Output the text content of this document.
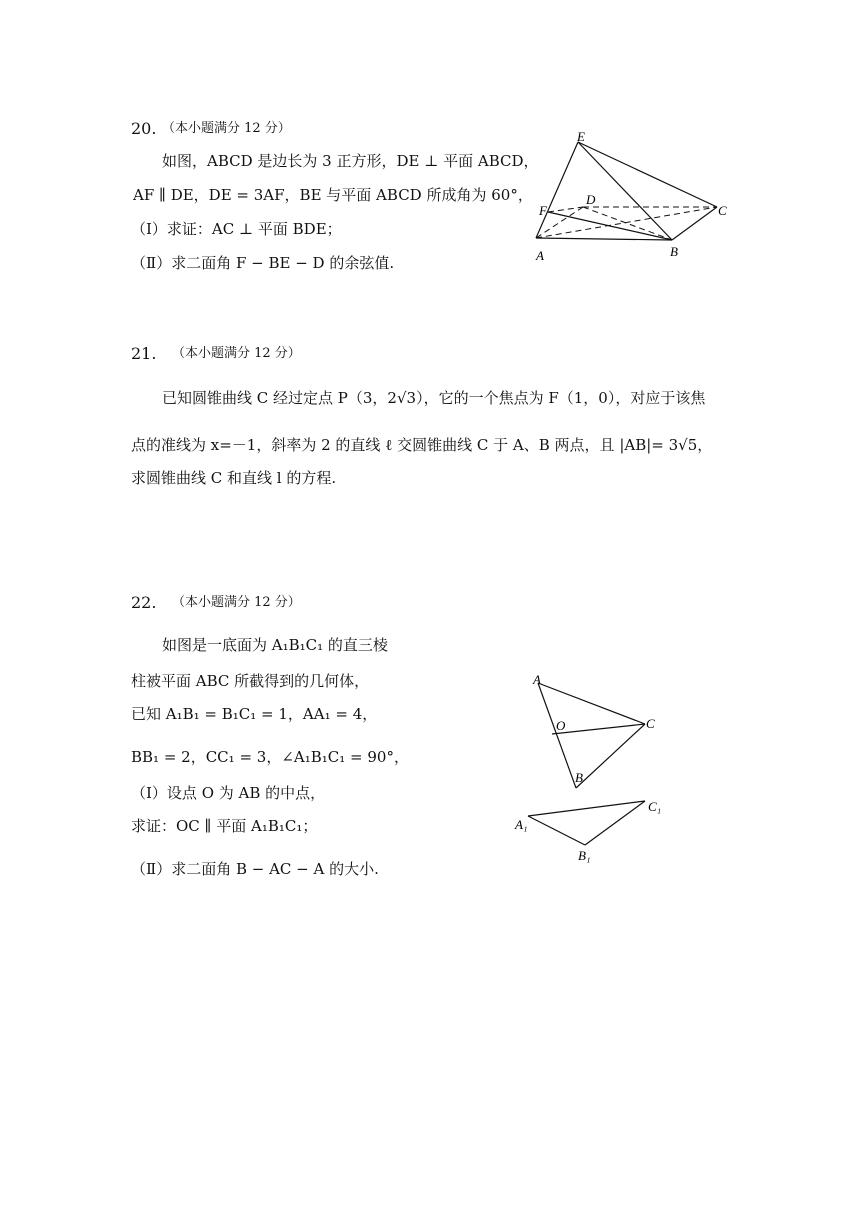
20. （本小题满分 12 分）
如图，ABCD 是边长为 3 正方形，DE ⊥ 平面 ABCD，
AF ∥ DE，DE = 3AF，BE 与平面 ABCD 所成角为 60°，
（Ⅰ）求证：AC ⊥ 平面 BDE；
（Ⅱ）求二面角 F − BE − D 的余弦值.
E
D
F	C
A	B
21. （本小题满分 12 分）
已知圆锥曲线 C 经过定点 P（3，2√3），它的一个焦点为 F（1，0），对应于该焦
点的准线为 x=－1，斜率为 2 的直线 ℓ 交圆锥曲线 C 于 A、B 两点，且 |AB|= 3√5，
求圆锥曲线 C 和直线 l 的方程.
22. （本小题满分 12 分）
如图是一底面为 A₁B₁C₁ 的直三棱
柱被平面 ABC 所截得到的几何体，
已知 A₁B₁ = B₁C₁ = 1，AA₁ = 4，
BB₁ = 2，CC₁ = 3，∠A₁B₁C₁ = 90°，
（Ⅰ）设点 O 为 AB 的中点，
求证：OC ∥ 平面 A₁B₁C₁；
（Ⅱ）求二面角 B − AC − A 的大小.
A
O	C
B
C₁
A₁
B₁
